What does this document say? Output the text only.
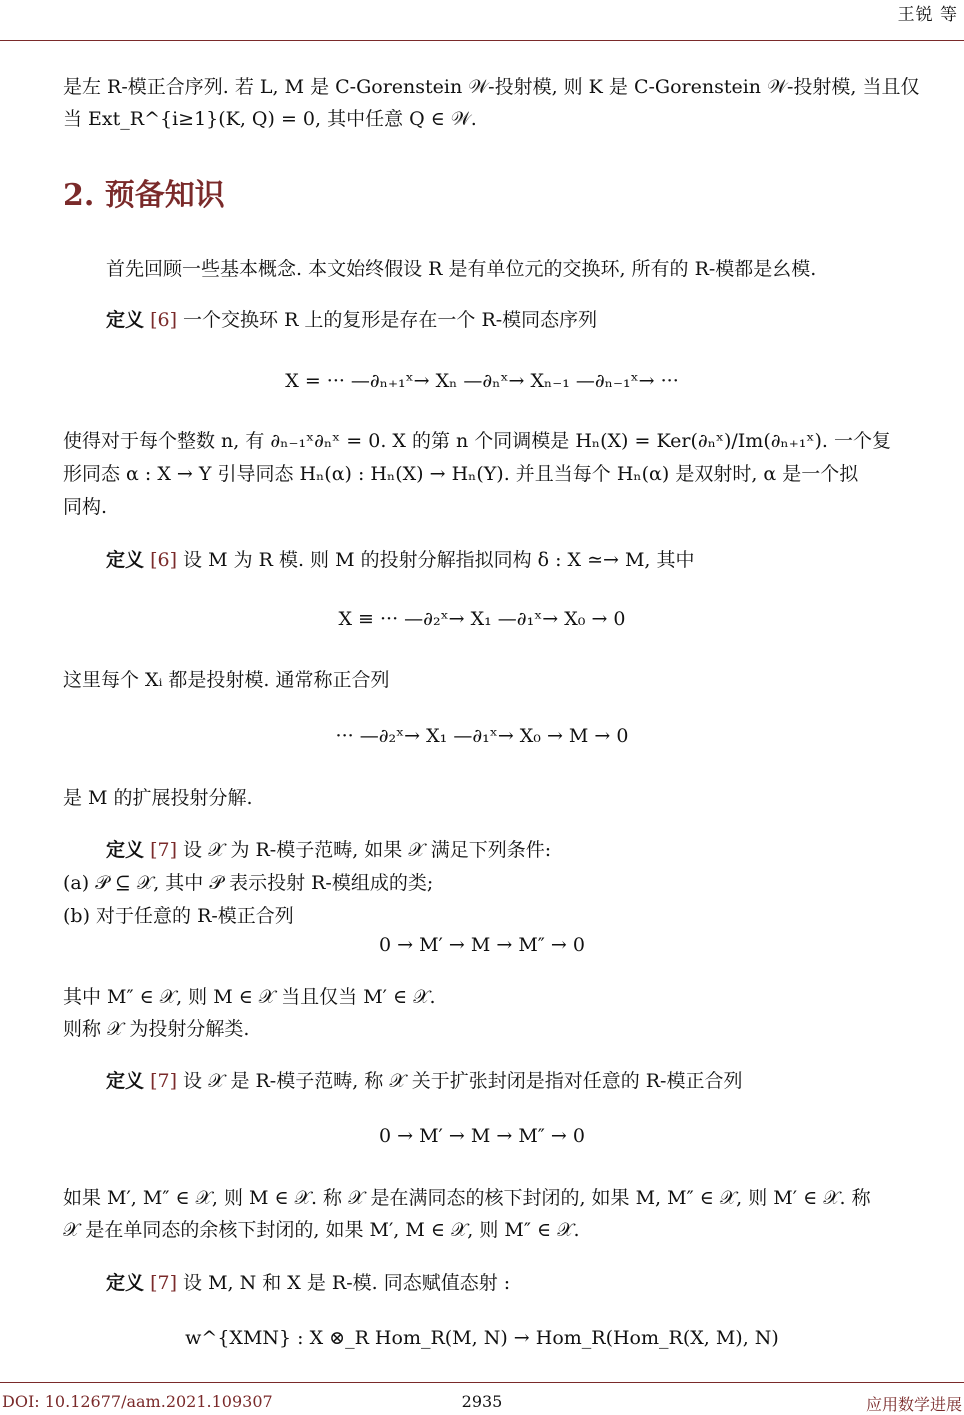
王锐 等
是左 R-模正合序列. 若 L, M 是 C-Gorenstein 𝒲-投射模, 则 K 是 C-Gorenstein 𝒲-投射模, 当且仅
当 Ext_R^{i≥1}(K, Q) = 0, 其中任意 Q ∈ 𝒲.
2. 预备知识
首先回顾一些基本概念. 本文始终假设 R 是有单位元的交换环, 所有的 R-模都是幺模.
定义 [6] 一个交换环 R 上的复形是存在一个 R-模同态序列
X = ··· —∂ₙ₊₁ˣ→ Xₙ —∂ₙˣ→ Xₙ₋₁ —∂ₙ₋₁ˣ→ ···
使得对于每个整数 n, 有 ∂ₙ₋₁ˣ∂ₙˣ = 0. X 的第 n 个同调模是 Hₙ(X) = Ker(∂ₙˣ)/Im(∂ₙ₊₁ˣ). 一个复
形同态 α : X → Y 引导同态 Hₙ(α) : Hₙ(X) → Hₙ(Y). 并且当每个 Hₙ(α) 是双射时, α 是一个拟
同构.
定义 [6] 设 M 为 R 模. 则 M 的投射分解指拟同构 δ : X ≃→ M, 其中
X ≡ ··· —∂₂ˣ→ X₁ —∂₁ˣ→ X₀ → 0
这里每个 Xᵢ 都是投射模. 通常称正合列
··· —∂₂ˣ→ X₁ —∂₁ˣ→ X₀ → M → 0
是 M 的扩展投射分解.
定义 [7] 设 𝒳 为 R-模子范畴, 如果 𝒳 满足下列条件:
(a) 𝒫 ⊆ 𝒳, 其中 𝒫 表示投射 R-模组成的类;
(b) 对于任意的 R-模正合列
0 → M′ → M → M″ → 0
其中 M″ ∈ 𝒳, 则 M ∈ 𝒳 当且仅当 M′ ∈ 𝒳.
则称 𝒳 为投射分解类.
定义 [7] 设 𝒳 是 R-模子范畴, 称 𝒳 关于扩张封闭是指对任意的 R-模正合列
0 → M′ → M → M″ → 0
如果 M′, M″ ∈ 𝒳, 则 M ∈ 𝒳. 称 𝒳 是在满同态的核下封闭的, 如果 M, M″ ∈ 𝒳, 则 M′ ∈ 𝒳. 称
𝒳 是在单同态的余核下封闭的, 如果 M′, M ∈ 𝒳, 则 M″ ∈ 𝒳.
定义 [7] 设 M, N 和 X 是 R-模. 同态赋值态射 :
w^{XMN} : X ⊗_R Hom_R(M, N) → Hom_R(Hom_R(X, M), N)
DOI: 10.12677/aam.2021.109307	2935	应用数学进展
